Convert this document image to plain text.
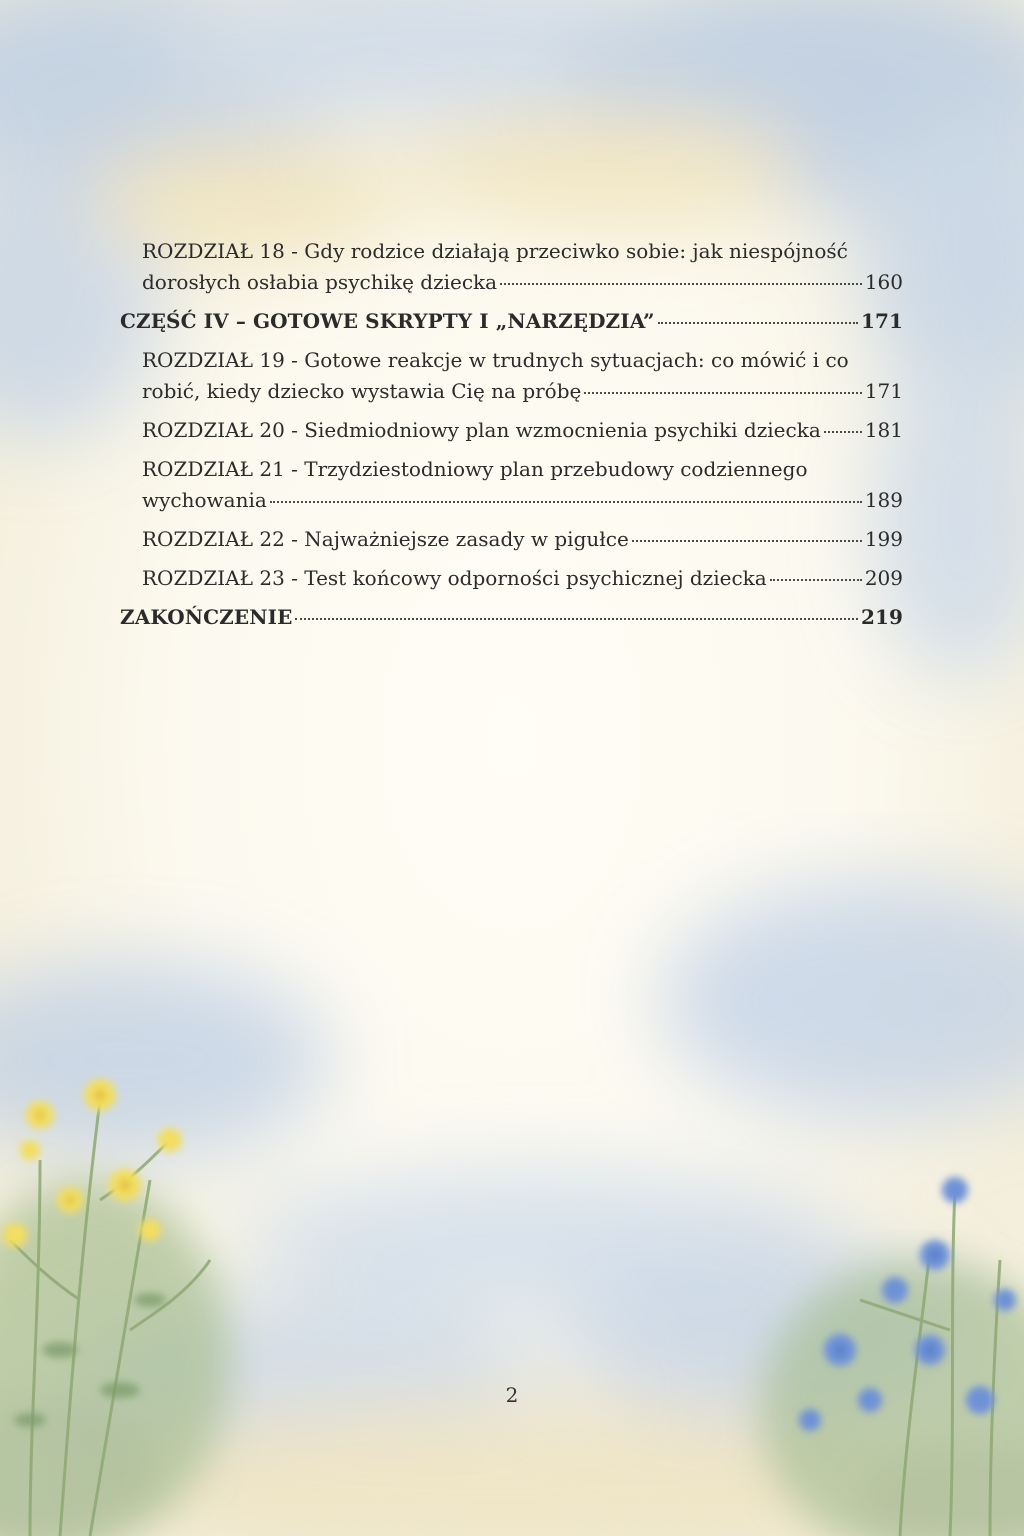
ROZDZIAŁ 18 - Gdy rodzice działają przeciwko sobie: jak niespójność
dorosłych osłabia psychikę dziecka	160
CZĘŚĆ IV – GOTOWE SKRYPTY I „NARZĘDZIA”	171
ROZDZIAŁ 19 - Gotowe reakcje w trudnych sytuacjach: co mówić i co
robić, kiedy dziecko wystawia Cię na próbę	171
ROZDZIAŁ 20 - Siedmiodniowy plan wzmocnienia psychiki dziecka 181
ROZDZIAŁ 21 - Trzydziestodniowy plan przebudowy codziennego
wychowania	189
ROZDZIAŁ 22 - Najważniejsze zasady w pigułce	199
ROZDZIAŁ 23 - Test końcowy odporności psychicznej dziecka	209
ZAKOŃCZENIE	219
2
